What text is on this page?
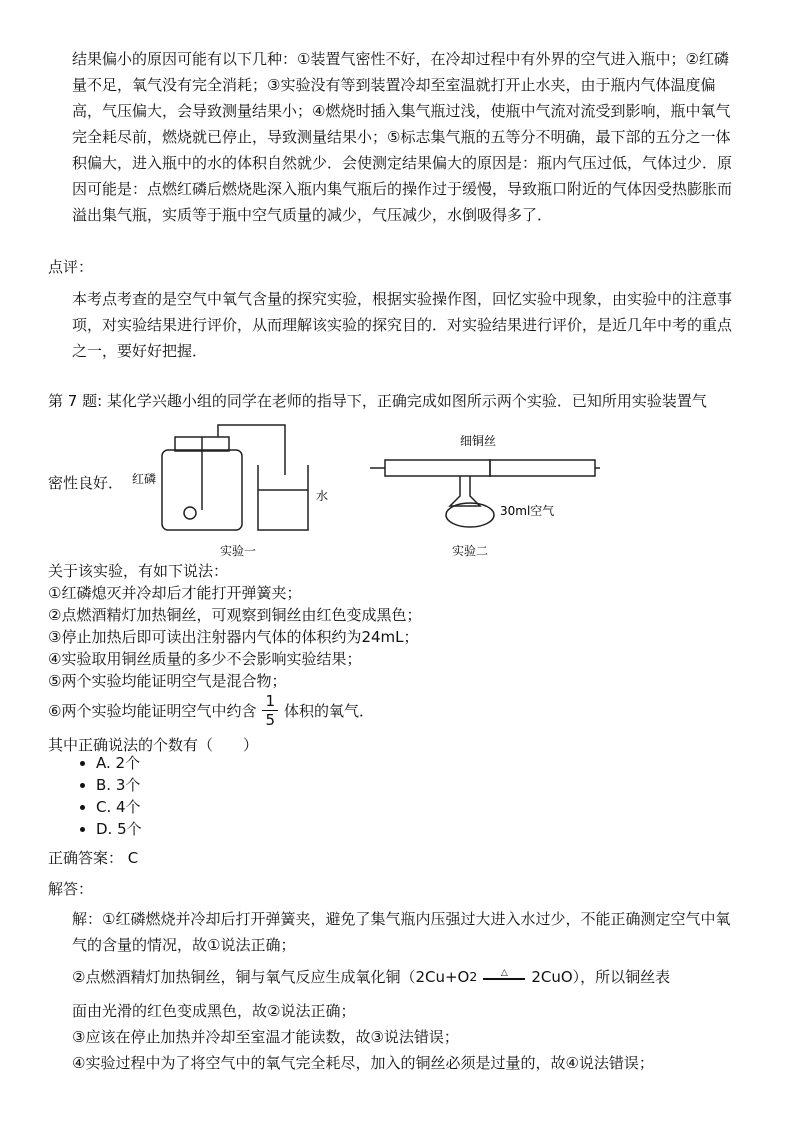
结果偏小的原因可能有以下几种：①装置气密性不好，在冷却过程中有外界的空气进入瓶中；②红磷量不足，氧气没有完全消耗；③实验没有等到装置冷却至室温就打开止水夹，由于瓶内气体温度偏高，气压偏大，会导致测量结果小；④燃烧时插入集气瓶过浅，使瓶中气流对流受到影响，瓶中氧气完全耗尽前，燃烧就已停止，导致测量结果小；⑤标志集气瓶的五等分不明确，最下部的五分之一体积偏大，进入瓶中的水的体积自然就少．会使测定结果偏大的原因是：瓶内气压过低，气体过少．原因可能是：点燃红磷后燃烧匙深入瓶内集气瓶后的操作过于缓慢，导致瓶口附近的气体因受热膨胀而溢出集气瓶，实质等于瓶中空气质量的减少，气压减少，水倒吸得多了．
点评：
本考点考查的是空气中氧气含量的探究实验，根据实验操作图，回忆实验中现象，由实验中的注意事项，对实验结果进行评价，从而理解该实验的探究目的．对实验结果进行评价，是近几年中考的重点之一，要好好把握．
第 7 题: 某化学兴趣小组的同学在老师的指导下，正确完成如图所示两个实验．已知所用实验装置气
密性良好． 红磷
水
细铜丝
30ml空气
实验一	实验二
关于该实验，有如下说法：
①红磷熄灭并冷却后才能打开弹簧夹；
②点燃酒精灯加热铜丝，可观察到铜丝由红色变成黑色；
③停止加热后即可读出注射器内气体的体积约为24mL；
④实验取用铜丝质量的多少不会影响实验结果；
⑤两个实验均能证明空气是混合物；
⑥两个实验均能证明空气中约含
1
5
体积的氧气．
其中正确说法的个数有（　　）
• A. 2个
• B. 3个
• C. 4个
• D. 5个
正确答案： C
解答：
解：①红磷燃烧并冷却后打开弹簧夹，避免了集气瓶内压强过大进入水过少，不能正确测定空气中氧气的含量的情况，故①说法正确；
②点燃酒精灯加热铜丝，铜与氧气反应生成氧化铜（2Cu+O 2	△ 2CuO），所以铜丝表
面由光滑的红色变成黑色，故②说法正确；
③应该在停止加热并冷却至室温才能读数，故③说法错误；
④实验过程中为了将空气中的氧气完全耗尽，加入的铜丝必须是过量的，故④说法错误；
